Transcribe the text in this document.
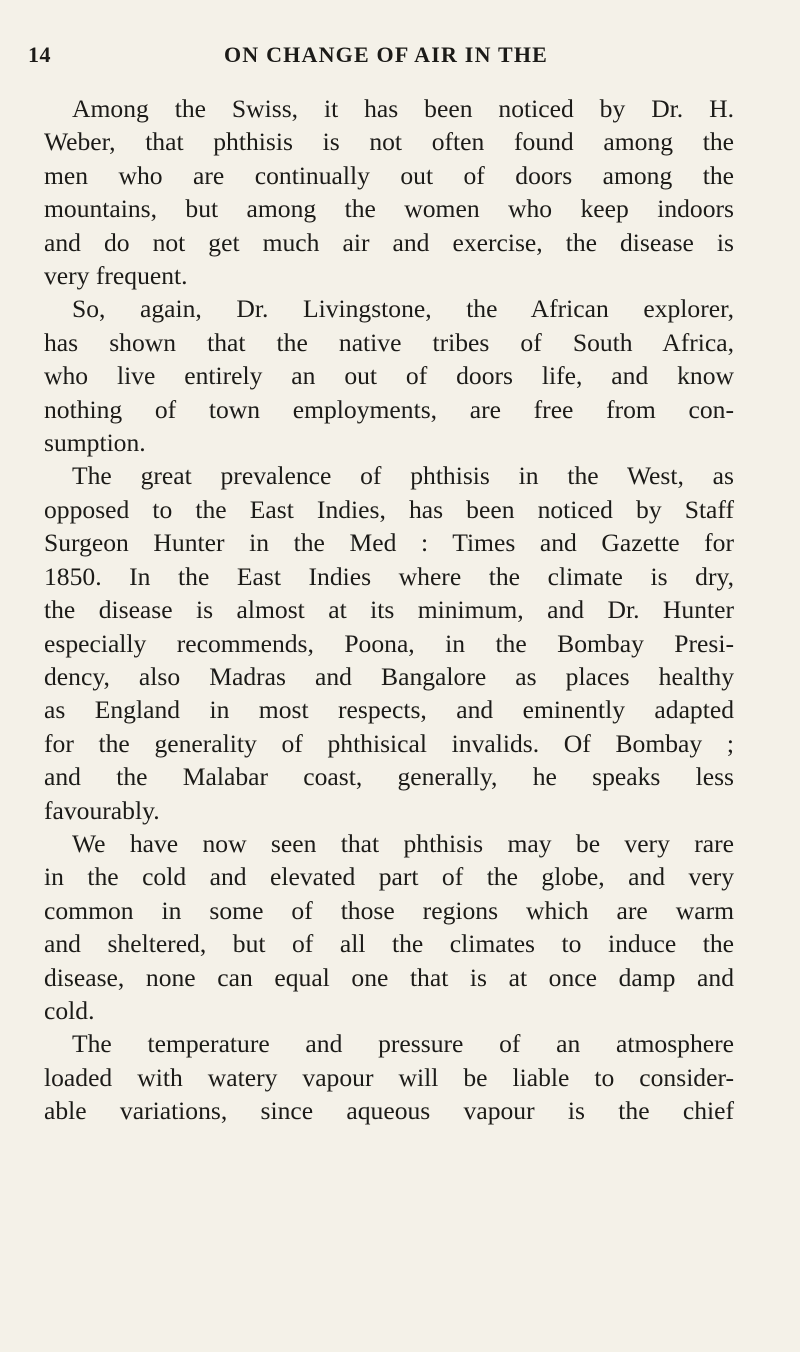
14	ON CHANGE OF AIR IN THE

Among the Swiss, it has been noticed by Dr. H.
Weber, that phthisis is not often found among the
men who are continually out of doors among the
mountains, but among the women who keep indoors
and do not get much air and exercise, the disease is
very frequent.

So, again, Dr. Livingstone, the African explorer,
has shown that the native tribes of South Africa,
who live entirely an out of doors life, and know
nothing of town employments, are free from con-
sumption.

The great prevalence of phthisis in the West, as
opposed to the East Indies, has been noticed by Staff
Surgeon Hunter in the Med : Times and Gazette for
1850. In the East Indies where the climate is dry,
the disease is almost at its minimum, and Dr. Hunter
especially recommends, Poona, in the Bombay Presi-
dency, also Madras and Bangalore as places healthy
as England in most respects, and eminently adapted
for the generality of phthisical invalids. Of Bombay ;
and the Malabar coast, generally, he speaks less
favourably.

We have now seen that phthisis may be very rare
in the cold and elevated part of the globe, and very
common in some of those regions which are warm
and sheltered, but of all the climates to induce the
disease, none can equal one that is at once damp and
cold.

The temperature and pressure of an atmosphere
loaded with watery vapour will be liable to consider-
able variations, since aqueous vapour is the chief
